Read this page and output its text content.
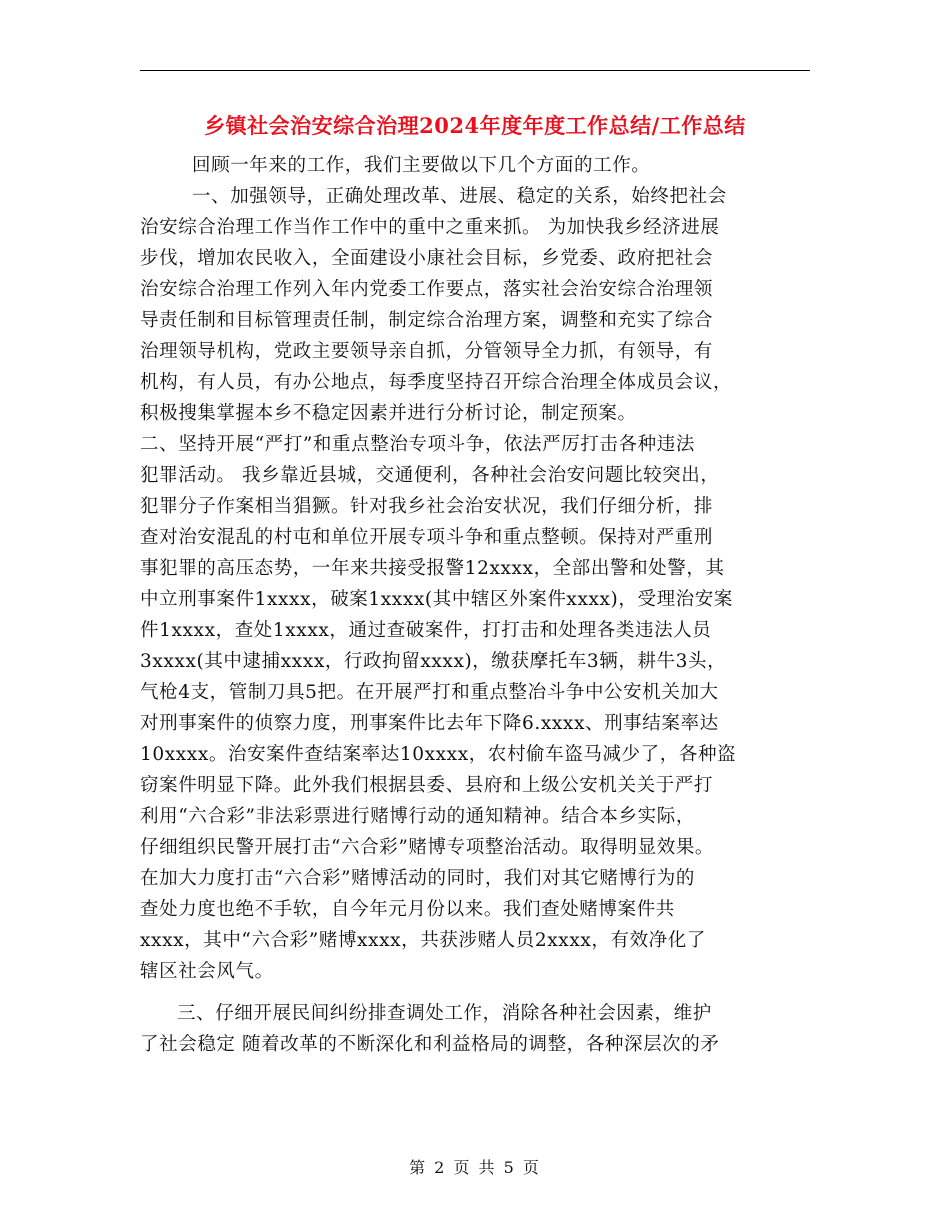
乡镇社会治安综合治理2024年度年度工作总结/工作总结
回顾一年来的工作，我们主要做以下几个方面的工作。
一、加强领导，正确处理改革、进展、稳定的关系，始终把社会
治安综合治理工作当作工作中的重中之重来抓。 为加快我乡经济进展
步伐，增加农民收入，全面建设小康社会目标，乡党委、政府把社会
治安综合治理工作列入年内党委工作要点，落实社会治安综合治理领
导责任制和目标管理责任制，制定综合治理方案，调整和充实了综合
治理领导机构，党政主要领导亲自抓，分管领导全力抓，有领导，有
机构，有人员，有办公地点，每季度坚持召开综合治理全体成员会议，
积极搜集掌握本乡不稳定因素并进行分析讨论，制定预案。
二、坚持开展“严打”和重点整治专项斗争，依法严厉打击各种违法
犯罪活动。 我乡靠近县城，交通便利，各种社会治安问题比较突出，
犯罪分子作案相当猖獗。针对我乡社会治安状况，我们仔细分析，排
查对治安混乱的村屯和单位开展专项斗争和重点整顿。保持对严重刑
事犯罪的高压态势，一年来共接受报警12xxxx，全部出警和处警，其
中立刑事案件1xxxx，破案1xxxx(其中辖区外案件xxxx)，受理治安案
件1xxxx，查处1xxxx，通过查破案件，打打击和处理各类违法人员
3xxxx(其中逮捕xxxx，行政拘留xxxx)，缴获摩托车3辆，耕牛3头，
气枪4支，管制刀具5把。在开展严打和重点整冶斗争中公安机关加大
对刑事案件的侦察力度，刑事案件比去年下降6.xxxx、刑事结案率达
10xxxx。治安案件查结案率达10xxxx，农村偷车盗马减少了，各种盗
窃案件明显下降。此外我们根据县委、县府和上级公安机关关于严打
利用“六合彩”非法彩票进行赌博行动的通知精神。结合本乡实际，
仔细组织民警开展打击“六合彩”赌博专项整治活动。取得明显效果。
在加大力度打击“六合彩”赌博活动的同时，我们对其它赌博行为的
查处力度也绝不手软，自今年元月份以来。我们查处赌博案件共
xxxx，其中“六合彩”赌博xxxx，共获涉赌人员2xxxx，有效净化了
辖区社会风气。
三、仔细开展民间纠纷排查调处工作，消除各种社会因素，维护
了社会稳定 随着改革的不断深化和利益格局的调整，各种深层次的矛
第 2 页 共 5 页
